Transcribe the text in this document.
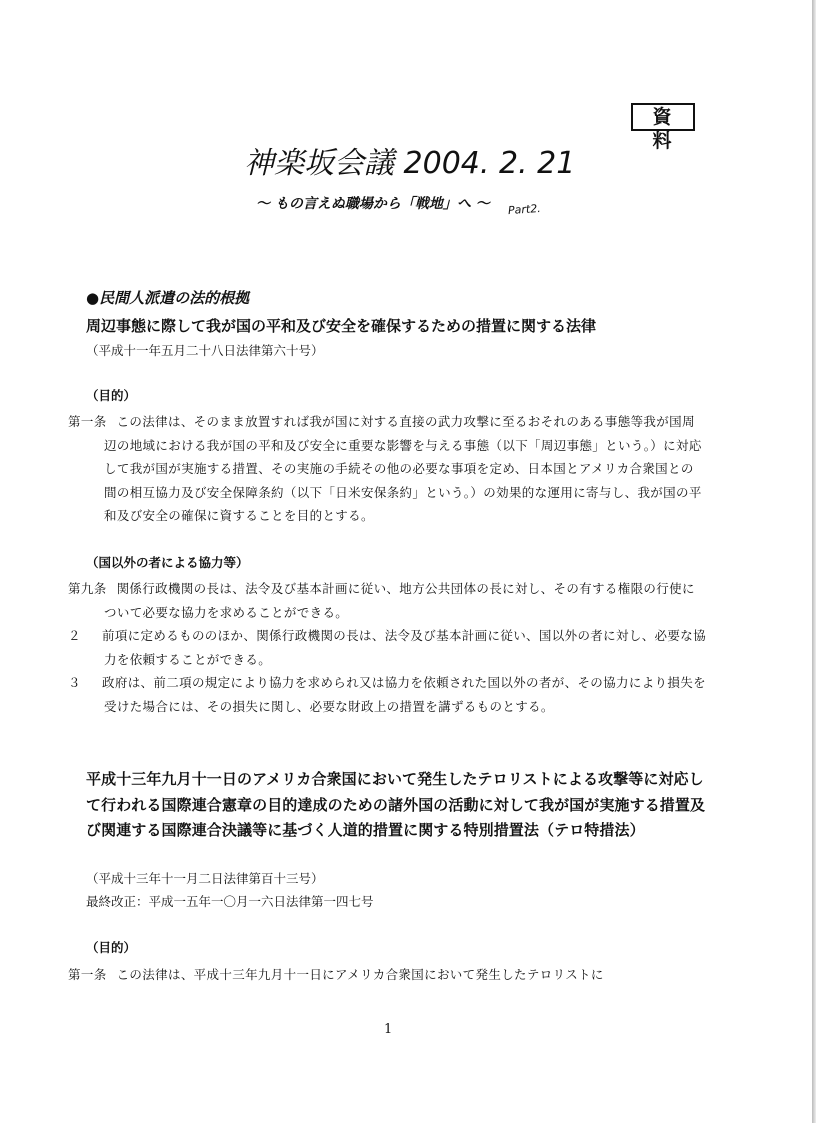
資 料
神楽坂会議 2004. 2. 21
〜 もの言えぬ職場から「戦地」へ 〜 Part2.
●民間人派遣の法的根拠
周辺事態に際して我が国の平和及び安全を確保するための措置に関する法律
（平成十一年五月二十八日法律第六十号）
（目的）

第一条 この法律は、そのまま放置すれば我が国に対する直接の武力攻撃に至るおそれのある事態等我が国周辺の地域における我が国の平和及び安全に重要な影響を与える事態（以下「周辺事態」という。）に対応して我が国が実施する措置、その実施の手続その他の必要な事項を定め、日本国とアメリカ合衆国との間の相互協力及び安全保障条約（以下「日米安保条約」という。）の効果的な運用に寄与し、我が国の平和及び安全の確保に資することを目的とする。

（国以外の者による協力等）

第九条 関係行政機関の長は、法令及び基本計画に従い、地方公共団体の長に対し、その有する権限の行使について必要な協力を求めることができる。

２ 前項に定めるもののほか、関係行政機関の長は、法令及び基本計画に従い、国以外の者に対し、必要な協力を依頼することができる。

３ 政府は、前二項の規定により協力を求められ又は協力を依頼された国以外の者が、その協力により損失を受けた場合には、その損失に関し、必要な財政上の措置を講ずるものとする。

平成十三年九月十一日のアメリカ合衆国において発生したテロリストによる攻撃等に対応して行われる国際連合憲章の目的達成のための諸外国の活動に対して我が国が実施する措置及び関連する国際連合決議等に基づく人道的措置に関する特別措置法（テロ特措法）
（平成十三年十一月二日法律第百十三号）
最終改正：平成一五年一〇月一六日法律第一四七号
（目的）

第一条 この法律は、平成十三年九月十一日にアメリカ合衆国において発生したテロリストに

1
